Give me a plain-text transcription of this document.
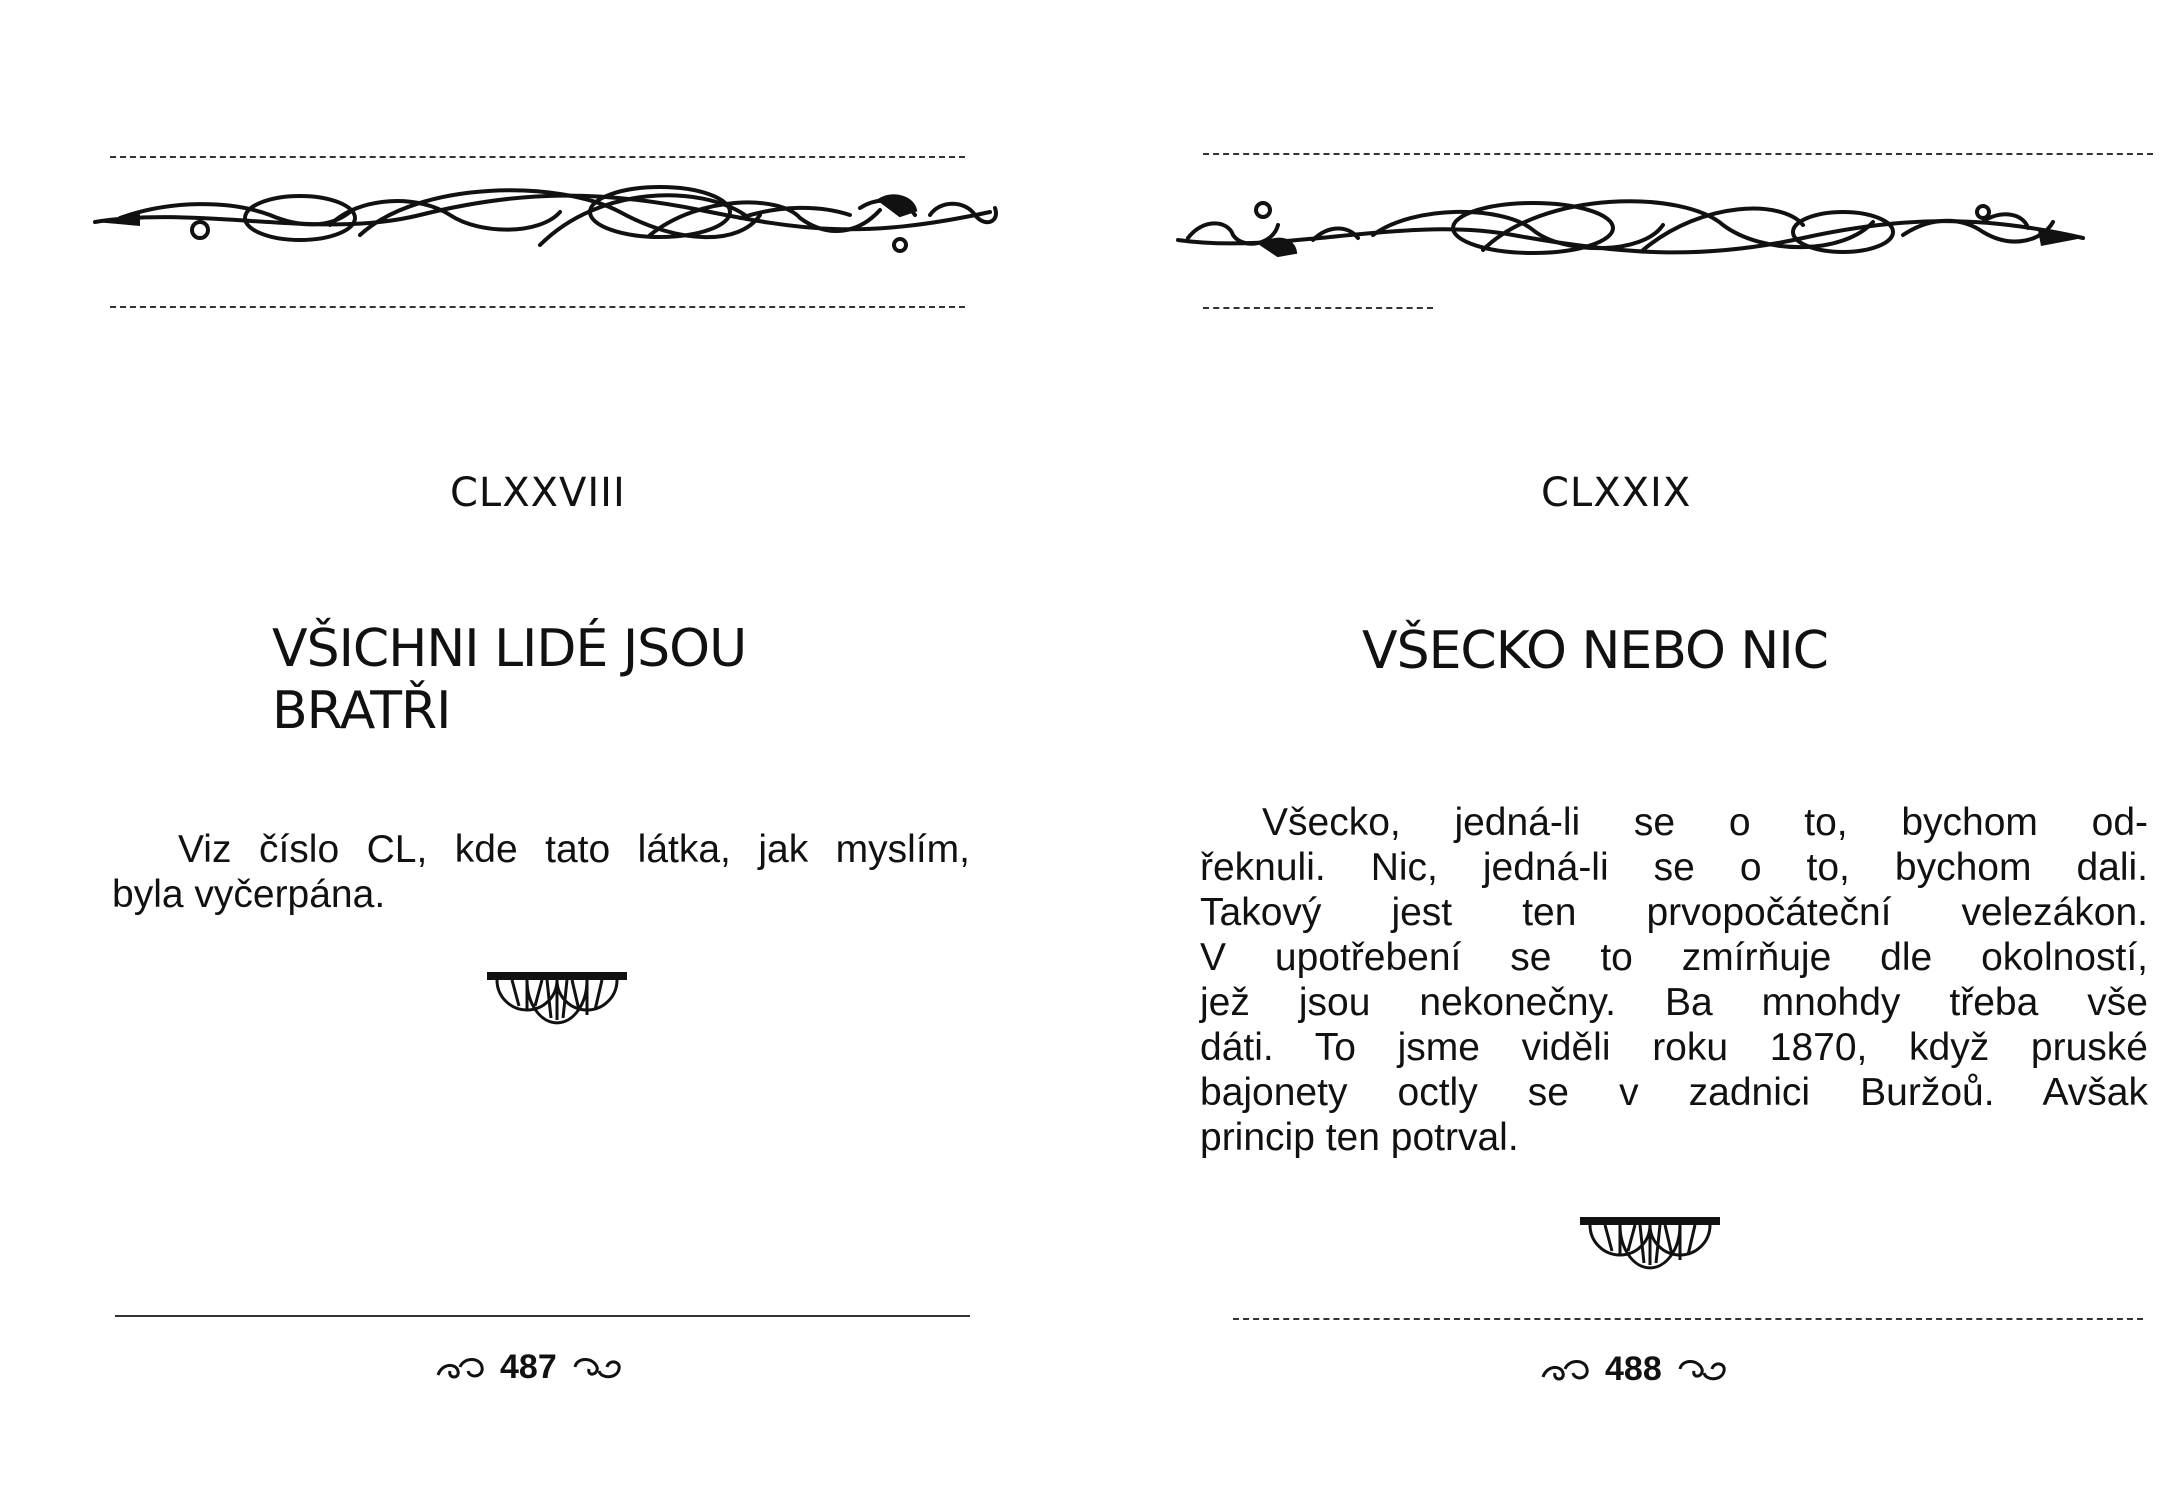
CLXXVIII
VŠICHNI LIDÉ JSOU
BRATŘI

Viz číslo CL, kde tato látka, jak myslím,

byla vyčerpána.

487
CLXXIX
VŠECKO NEBO NIC

Všecko, jedná-li se o to, bychom od-

řeknuli. Nic, jedná-li se o to, bychom dali.

Takový jest ten prvopočáteční velezákon.

V upotřebení se to zmírňuje dle okolností,

jež jsou nekonečny. Ba mnohdy třeba vše

dáti. To jsme viděli roku 1870, když pruské

bajonety octly se v zadnici Buržoů. Avšak

princip ten potrval.

488
